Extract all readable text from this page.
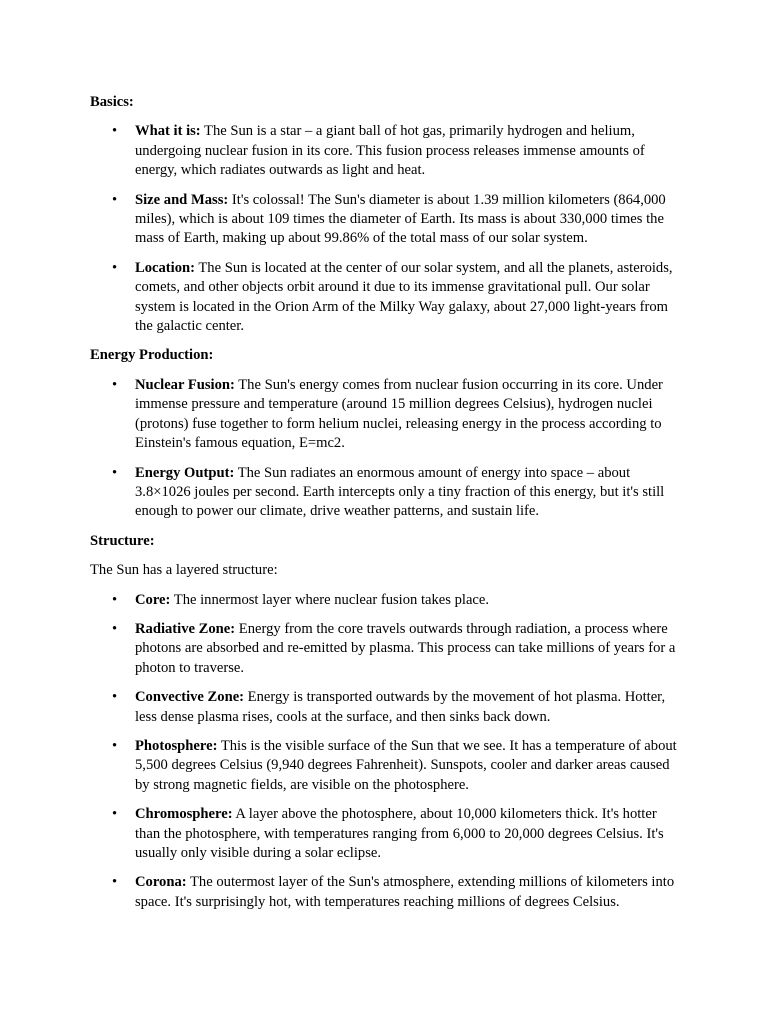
Basics:
• What it is: The Sun is a star – a giant ball of hot gas, primarily hydrogen and helium, undergoing nuclear fusion in its core. This fusion process releases immense amounts of energy, which radiates outwards as light and heat.
• Size and Mass: It's colossal! The Sun's diameter is about 1.39 million kilometers (864,000 miles), which is about 109 times the diameter of Earth. Its mass is about 330,000 times the mass of Earth, making up about 99.86% of the total mass of our solar system.
• Location: The Sun is located at the center of our solar system, and all the planets, asteroids, comets, and other objects orbit around it due to its immense gravitational pull. Our solar system is located in the Orion Arm of the Milky Way galaxy, about 27,000 light-years from the galactic center.
Energy Production:
• Nuclear Fusion: The Sun's energy comes from nuclear fusion occurring in its core. Under immense pressure and temperature (around 15 million degrees Celsius), hydrogen nuclei (protons) fuse together to form helium nuclei, releasing energy in the process according to Einstein's famous equation, E=mc2.
• Energy Output: The Sun radiates an enormous amount of energy into space – about 3.8×1026 joules per second. Earth intercepts only a tiny fraction of this energy, but it's still enough to power our climate, drive weather patterns, and sustain life.
Structure:
The Sun has a layered structure:
• Core: The innermost layer where nuclear fusion takes place.
• Radiative Zone: Energy from the core travels outwards through radiation, a process where photons are absorbed and re-emitted by plasma. This process can take millions of years for a photon to traverse.
• Convective Zone: Energy is transported outwards by the movement of hot plasma. Hotter, less dense plasma rises, cools at the surface, and then sinks back down.
• Photosphere: This is the visible surface of the Sun that we see. It has a temperature of about 5,500 degrees Celsius (9,940 degrees Fahrenheit). Sunspots, cooler and darker areas caused by strong magnetic fields, are visible on the photosphere.
• Chromosphere: A layer above the photosphere, about 10,000 kilometers thick. It's hotter than the photosphere, with temperatures ranging from 6,000 to 20,000 degrees Celsius. It's usually only visible during a solar eclipse.
• Corona: The outermost layer of the Sun's atmosphere, extending millions of kilometers into space. It's surprisingly hot, with temperatures reaching millions of degrees Celsius.
